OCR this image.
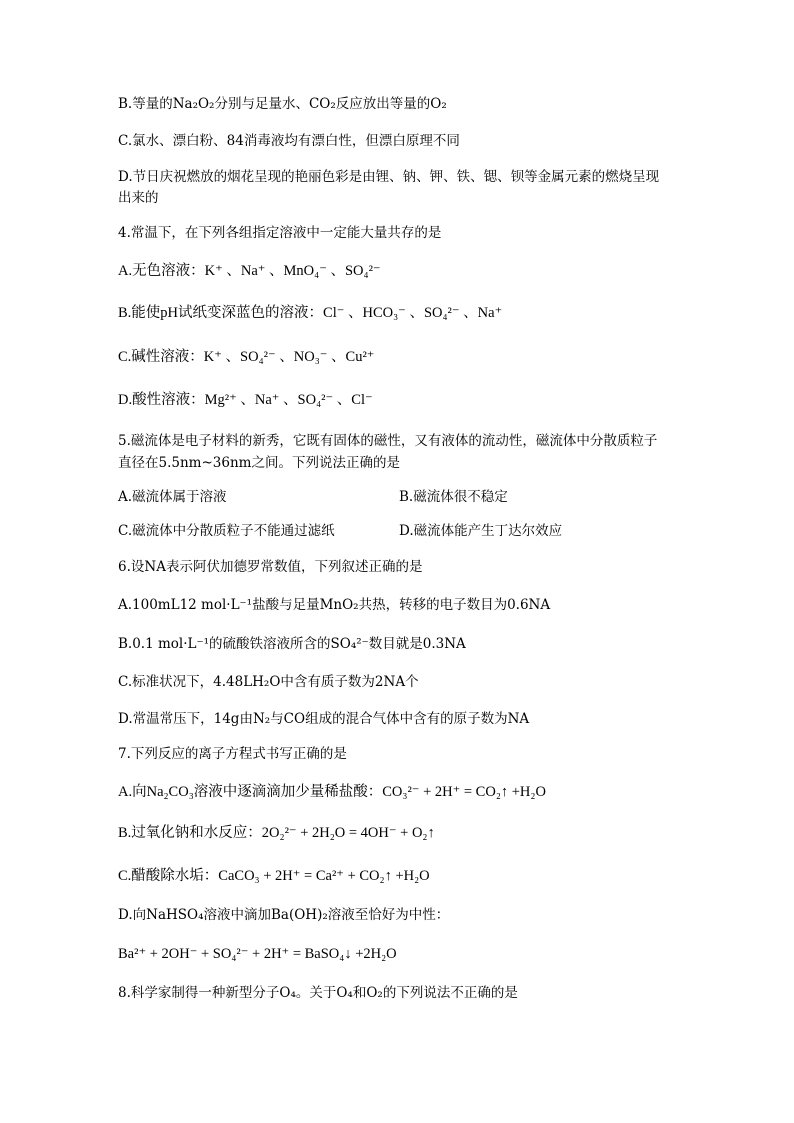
B.等量的Na₂O₂分别与足量水、CO₂反应放出等量的O₂
C.氯水、漂白粉、84消毒液均有漂白性，但漂白原理不同
D.节日庆祝燃放的烟花呈现的艳丽色彩是由锂、钠、钾、铁、锶、钡等金属元素的燃烧呈现
出来的
4.常温下，在下列各组指定溶液中一定能大量共存的是
A.无色溶液：K⁺ 、Na⁺ 、MnO₄⁻ 、SO₄²⁻
B.能使pH试纸变深蓝色的溶液：Cl⁻ 、HCO₃⁻ 、SO₄²⁻ 、Na⁺
C.碱性溶液：K⁺ 、SO₄²⁻ 、NO₃⁻ 、Cu²⁺
D.酸性溶液：Mg²⁺ 、Na⁺ 、SO₄²⁻ 、Cl⁻
5.磁流体是电子材料的新秀，它既有固体的磁性，又有液体的流动性，磁流体中分散质粒子
直径在5.5nm~36nm之间。下列说法正确的是
A.磁流体属于溶液	B.磁流体很不稳定
C.磁流体中分散质粒子不能通过滤纸	D.磁流体能产生丁达尔效应
6.设NA表示阿伏加德罗常数值，下列叙述正确的是
A.100mL12 mol·L⁻¹盐酸与足量MnO₂共热，转移的电子数目为0.6NA
B.0.1 mol·L⁻¹的硫酸铁溶液所含的SO₄²⁻数目就是0.3NA
C.标准状况下，4.48LH₂O中含有质子数为2NA个
D.常温常压下，14g由N₂与CO组成的混合气体中含有的原子数为NA
7.下列反应的离子方程式书写正确的是
A.向Na₂CO₃溶液中逐滴滴加少量稀盐酸：CO₃²⁻ + 2H⁺ = CO₂↑ +H₂O
B.过氧化钠和水反应：2O₂²⁻ + 2H₂O = 4OH⁻ + O₂↑
C.醋酸除水垢：CaCO₃ + 2H⁺ = Ca²⁺ + CO₂↑ +H₂O
D.向NaHSO₄溶液中滴加Ba(OH)₂溶液至恰好为中性：
Ba²⁺ + 2OH⁻ + SO₄²⁻ + 2H⁺ = BaSO₄↓ +2H₂O
8.科学家制得一种新型分子O₄。关于O₄和O₂的下列说法不正确的是
